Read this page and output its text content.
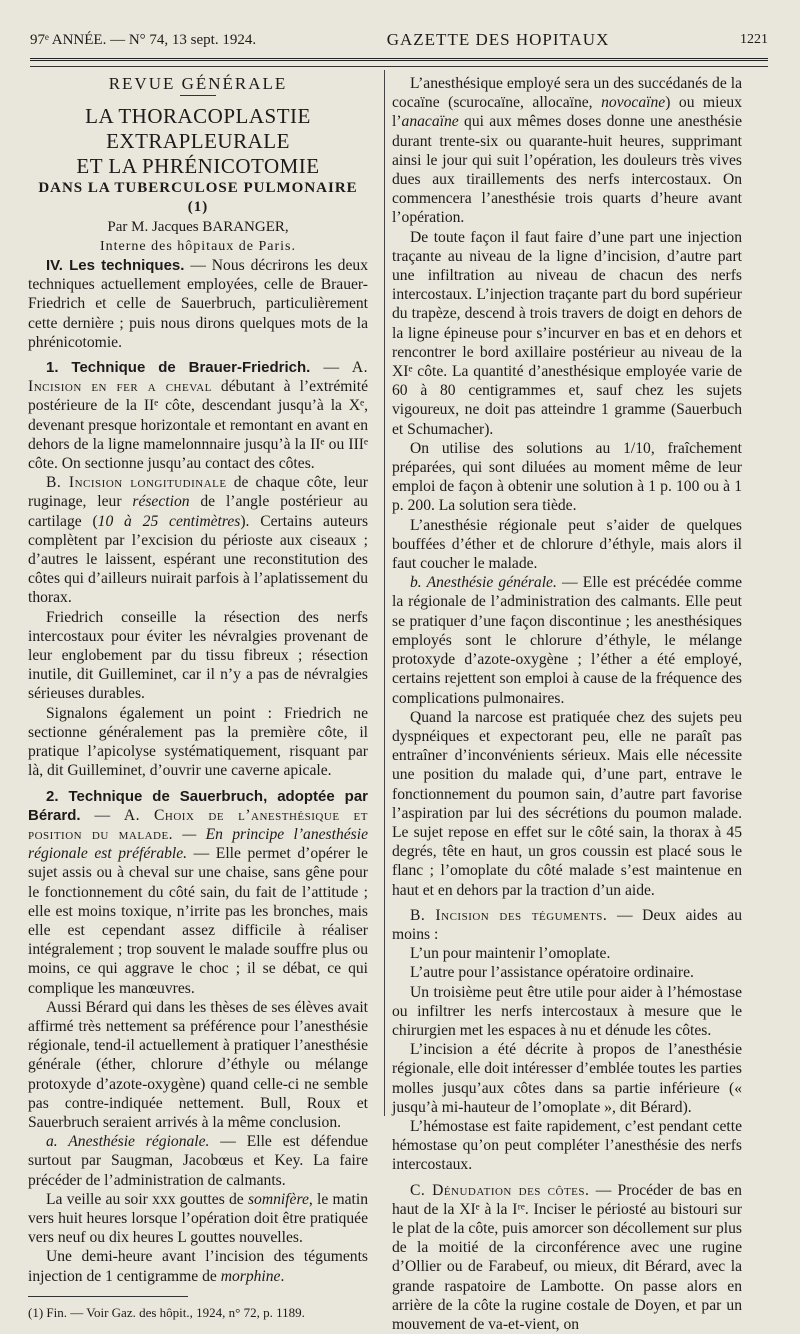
97ᵉ ANNÉE. — N° 74, 13 sept. 1924.	GAZETTE DES HOPITAUX	1221

REVUE GÉNÉRALE

LA THORACOPLASTIE EXTRAPLEURALE

ET LA PHRÉNICOTOMIE

DANS LA TUBERCULOSE PULMONAIRE (1)

Par M. Jacques BARANGER,

Interne des hôpitaux de Paris.

IV. Les techniques. — Nous décrirons les deux techniques actuellement employées, celle de Brauer-Friedrich et celle de Sauerbruch, particulièrement cette dernière ; puis nous dirons quelques mots de la phrénicotomie.

1. Technique de Brauer-Friedrich. — A. Incision en fer a cheval débutant à l’extrémité postérieure de la IIᵉ côte, descendant jusqu’à la Xᵉ, devenant presque horizontale et remontant en avant en dehors de la ligne mamelonnnaire jusqu’à la IIᵉ ou IIIᵉ côte. On sectionne jusqu’au contact des côtes.

B. Incision longitudinale de chaque côte, leur ruginage, leur résection de l’angle postérieur au cartilage (10 à 25 centimètres). Certains auteurs complètent par l’excision du périoste aux ciseaux ; d’autres le laissent, espérant une reconstitution des côtes qui d’ailleurs nuirait parfois à l’aplatissement du thorax.

Friedrich conseille la résection des nerfs intercostaux pour éviter les névralgies provenant de leur englobement par du tissu fibreux ; résection inutile, dit Guilleminet, car il n’y a pas de névralgies sérieuses durables.

Signalons également un point : Friedrich ne sectionne généralement pas la première côte, il pratique l’apicolyse systématiquement, risquant par là, dit Guilleminet, d’ouvrir une caverne apicale.

2. Technique de Sauerbruch, adoptée par Bérard. — A. Choix de l’anesthésique et position du malade. — En principe l’anesthésie régionale est préférable. — Elle permet d’opérer le sujet assis ou à cheval sur une chaise, sans gêne pour le fonctionnement du côté sain, du fait de l’attitude ; elle est moins toxique, n’irrite pas les bronches, mais elle est cependant assez difficile à réaliser intégralement ; trop souvent le malade souffre plus ou moins, ce qui aggrave le choc ; il se débat, ce qui complique les manœuvres.

Aussi Bérard qui dans les thèses de ses élèves avait affirmé très nettement sa préférence pour l’anesthésie régionale, tend-il actuellement à pratiquer l’anesthésie générale (éther, chlorure d’éthyle ou mélange protoxyde d’azote-oxygène) quand celle-ci ne semble pas contre-indiquée nettement. Bull, Roux et Sauerbruch seraient arrivés à la même conclusion.

a. Anesthésie régionale. — Elle est défendue surtout par Saugman, Jacobœus et Key. La faire précéder de l’administration de calmants.

La veille au soir xxx gouttes de somnifère, le matin vers huit heures lorsque l’opération doit être pratiquée vers neuf ou dix heures L gouttes nouvelles.

Une demi-heure avant l’incision des téguments injection de 1 centigramme de morphine.

(1) Fin. — Voir Gaz. des hôpit., 1924, n° 72, p. 1189.

L’anesthésique employé sera un des succédanés de la cocaïne (scurocaïne, allocaïne, novocaïne) ou mieux l’anacaïne qui aux mêmes doses donne une anesthésie durant trente-six ou quarante-huit heures, supprimant ainsi le jour qui suit l’opération, les douleurs très vives dues aux tiraillements des nerfs intercostaux. On commencera l’anesthésie trois quarts d’heure avant l’opération.

De toute façon il faut faire d’une part une injection traçante au niveau de la ligne d’incision, d’autre part une infiltration au niveau de chacun des nerfs intercostaux. L’injection traçante part du bord supérieur du trapèze, descend à trois travers de doigt en dehors de la ligne épineuse pour s’incurver en bas et en dehors et rencontrer le bord axillaire postérieur au niveau de la XIᵉ côte. La quantité d’anesthésique employée varie de 60 à 80 centigrammes et, sauf chez les sujets vigoureux, ne doit pas atteindre 1 gramme (Sauerbuch et Schumacher).

On utilise des solutions au 1/10, fraîchement préparées, qui sont diluées au moment même de leur emploi de façon à obtenir une solution à 1 p. 100 ou à 1 p. 200. La solution sera tiède.

L’anesthésie régionale peut s’aider de quelques bouffées d’éther et de chlorure d’éthyle, mais alors il faut coucher le malade.

b. Anesthésie générale. — Elle est précédée comme la régionale de l’administration des calmants. Elle peut se pratiquer d’une façon discontinue ; les anesthésiques employés sont le chlorure d’éthyle, le mélange protoxyde d’azote-oxygène ; l’éther a été employé, certains rejettent son emploi à cause de la fréquence des complications pulmonaires.

Quand la narcose est pratiquée chez des sujets peu dyspnéiques et expectorant peu, elle ne paraît pas entraîner d’inconvénients sérieux. Mais elle nécessite une position du malade qui, d’une part, entrave le fonctionnement du poumon sain, d’autre part favorise l’aspiration par lui des sécrétions du poumon malade. Le sujet repose en effet sur le côté sain, la thorax à 45 degrés, tête en haut, un gros coussin est placé sous le flanc ; l’omoplate du côté malade s’est maintenue en haut et en dehors par la traction d’un aide.

B. Incision des téguments. — Deux aides au moins :

L’un pour maintenir l’omoplate.

L’autre pour l’assistance opératoire ordinaire.

Un troisième peut être utile pour aider à l’hémostase ou infiltrer les nerfs intercostaux à mesure que le chirurgien met les espaces à nu et dénude les côtes.

L’incision a été décrite à propos de l’anesthésie régionale, elle doit intéresser d’emblée toutes les parties molles jusqu’aux côtes dans sa partie inférieure (« jusqu’à mi-hauteur de l’omoplate », dit Bérard).

L’hémostase est faite rapidement, c’est pendant cette hémostase qu’on peut compléter l’anesthésie des nerfs intercostaux.

C. Dénudation des côtes. — Procéder de bas en haut de la XIᵉ à la Iʳᵉ. Inciser le périosté au bistouri sur le plat de la côte, puis amorcer son décollement sur plus de la moitié de la circonférence avec une rugine d’Ollier ou de Farabeuf, ou mieux, dit Bérard, avec la grande raspatoire de Lambotte. On passe alors en arrière de la côte la rugine costale de Doyen, et par un mouvement de va-et-vient, on
